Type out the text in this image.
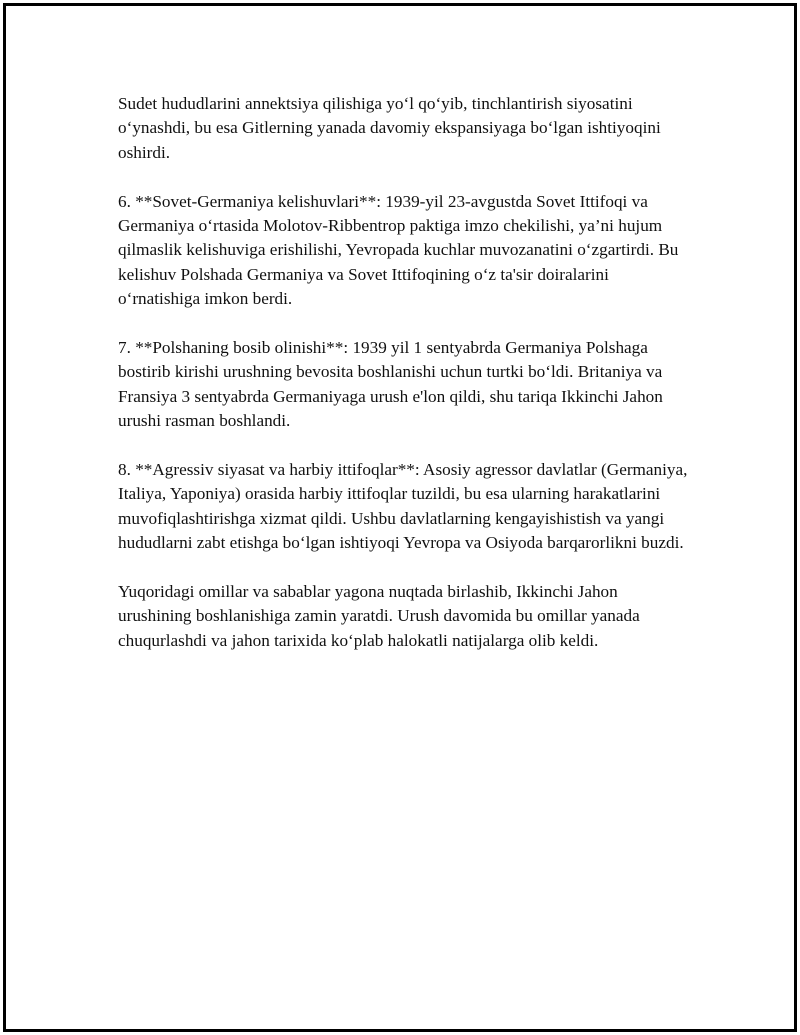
Sudet hududlarini annektsiya qilishiga yo‘l qo‘yib, tinchlantirish siyosatini o‘ynashdi, bu esa Gitlerning yanada davomiy ekspansiyaga bo‘lgan ishtiyoqini oshirdi.

6. **Sovet-Germaniya kelishuvlari**: 1939-yil 23-avgustda Sovet Ittifoqi va Germaniya o‘rtasida Molotov-Ribbentrop paktiga imzo chekilishi, ya’ni hujum qilmaslik kelishuviga erishilishi, Yevropada kuchlar muvozanatini o‘zgartirdi. Bu kelishuv Polshada Germaniya va Sovet Ittifoqining o‘z ta'sir doiralarini o‘rnatishiga imkon berdi.

7. **Polshaning bosib olinishi**: 1939 yil 1 sentyabrda Germaniya Polshaga bostirib kirishi urushning bevosita boshlanishi uchun turtki bo‘ldi. Britaniya va Fransiya 3 sentyabrda Germaniyaga urush e'lon qildi, shu tariqa Ikkinchi Jahon urushi rasman boshlandi.

8. **Agressiv siyasat va harbiy ittifoqlar**: Asosiy agressor davlatlar (Germaniya, Italiya, Yaponiya) orasida harbiy ittifoqlar tuzildi, bu esa ularning harakatlarini muvofiqlashtirishga xizmat qildi. Ushbu davlatlarning kengayishistish va yangi hududlarni zabt etishga bo‘lgan ishtiyoqi Yevropa va Osiyoda barqarorlikni buzdi.

Yuqoridagi omillar va sabablar yagona nuqtada birlashib, Ikkinchi Jahon urushining boshlanishiga zamin yaratdi. Urush davomida bu omillar yanada chuqurlashdi va jahon tarixida ko‘plab halokatli natijalarga olib keldi.
